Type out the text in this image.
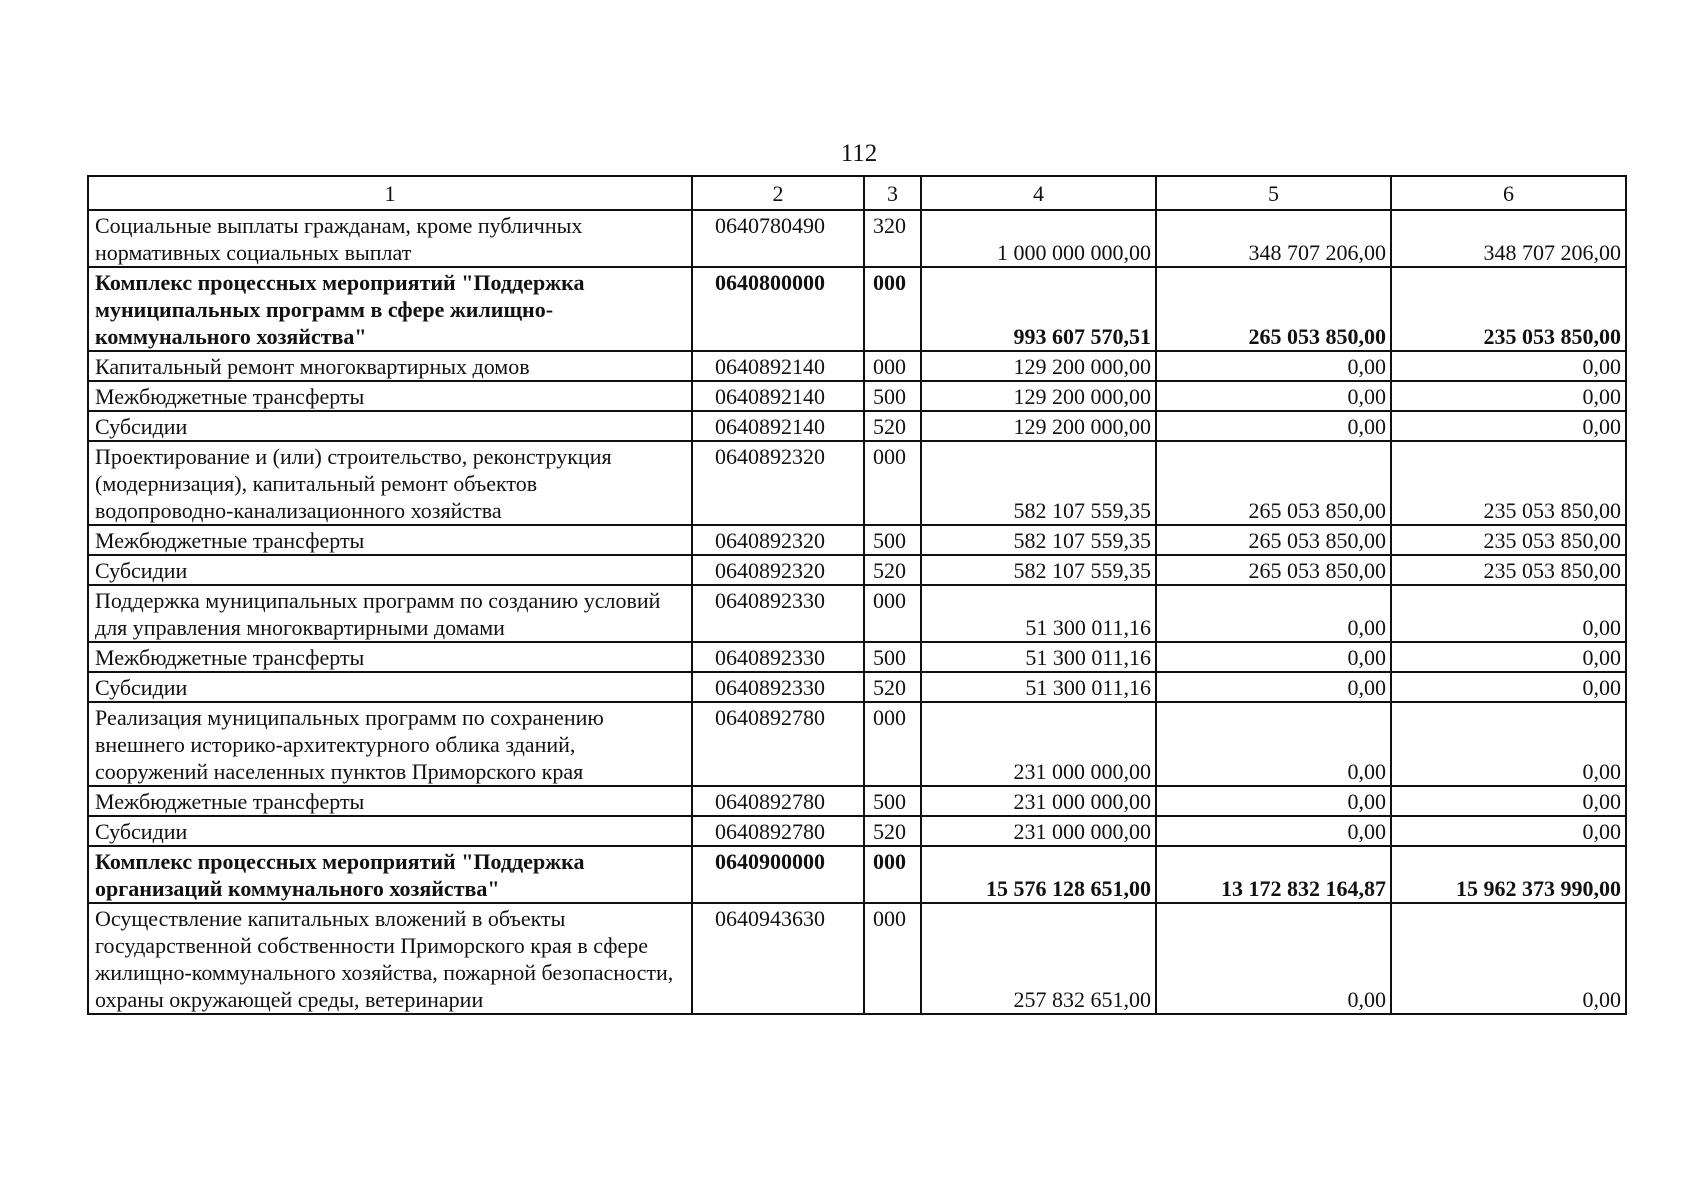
112
1	2	3	4	5	6
Социальные выплаты гражданам, кроме публичных нормативных социальных выплат	0640780490	320	1 000 000 000,00	348 707 206,00	348 707 206,00
Комплекс процессных мероприятий "Поддержка муниципальных программ в сфере жилищно-коммунального хозяйства"	0640800000	000	993 607 570,51	265 053 850,00	235 053 850,00
Капитальный ремонт многоквартирных домов	0640892140	000	129 200 000,00	0,00	0,00
Межбюджетные трансферты	0640892140	500	129 200 000,00	0,00	0,00
Субсидии	0640892140	520	129 200 000,00	0,00	0,00
Проектирование и (или) строительство, реконструкция (модернизация), капитальный ремонт объектов водопроводно-канализационного хозяйства	0640892320	000	582 107 559,35	265 053 850,00	235 053 850,00
Межбюджетные трансферты	0640892320	500	582 107 559,35	265 053 850,00	235 053 850,00
Субсидии	0640892320	520	582 107 559,35	265 053 850,00	235 053 850,00
Поддержка муниципальных программ по созданию условий для управления многоквартирными домами	0640892330	000	51 300 011,16	0,00	0,00
Межбюджетные трансферты	0640892330	500	51 300 011,16	0,00	0,00
Субсидии	0640892330	520	51 300 011,16	0,00	0,00
Реализация муниципальных программ по сохранению внешнего историко-архитектурного облика зданий, сооружений населенных пунктов Приморского края	0640892780	000	231 000 000,00	0,00	0,00
Межбюджетные трансферты	0640892780	500	231 000 000,00	0,00	0,00
Субсидии	0640892780	520	231 000 000,00	0,00	0,00
Комплекс процессных мероприятий "Поддержка организаций коммунального хозяйства"	0640900000	000	15 576 128 651,00	13 172 832 164,87	15 962 373 990,00
Осуществление капитальных вложений в объекты государственной собственности Приморского края в сфере жилищно-коммунального хозяйства, пожарной безопасности, охраны окружающей среды, ветеринарии	0640943630	000	257 832 651,00	0,00	0,00
